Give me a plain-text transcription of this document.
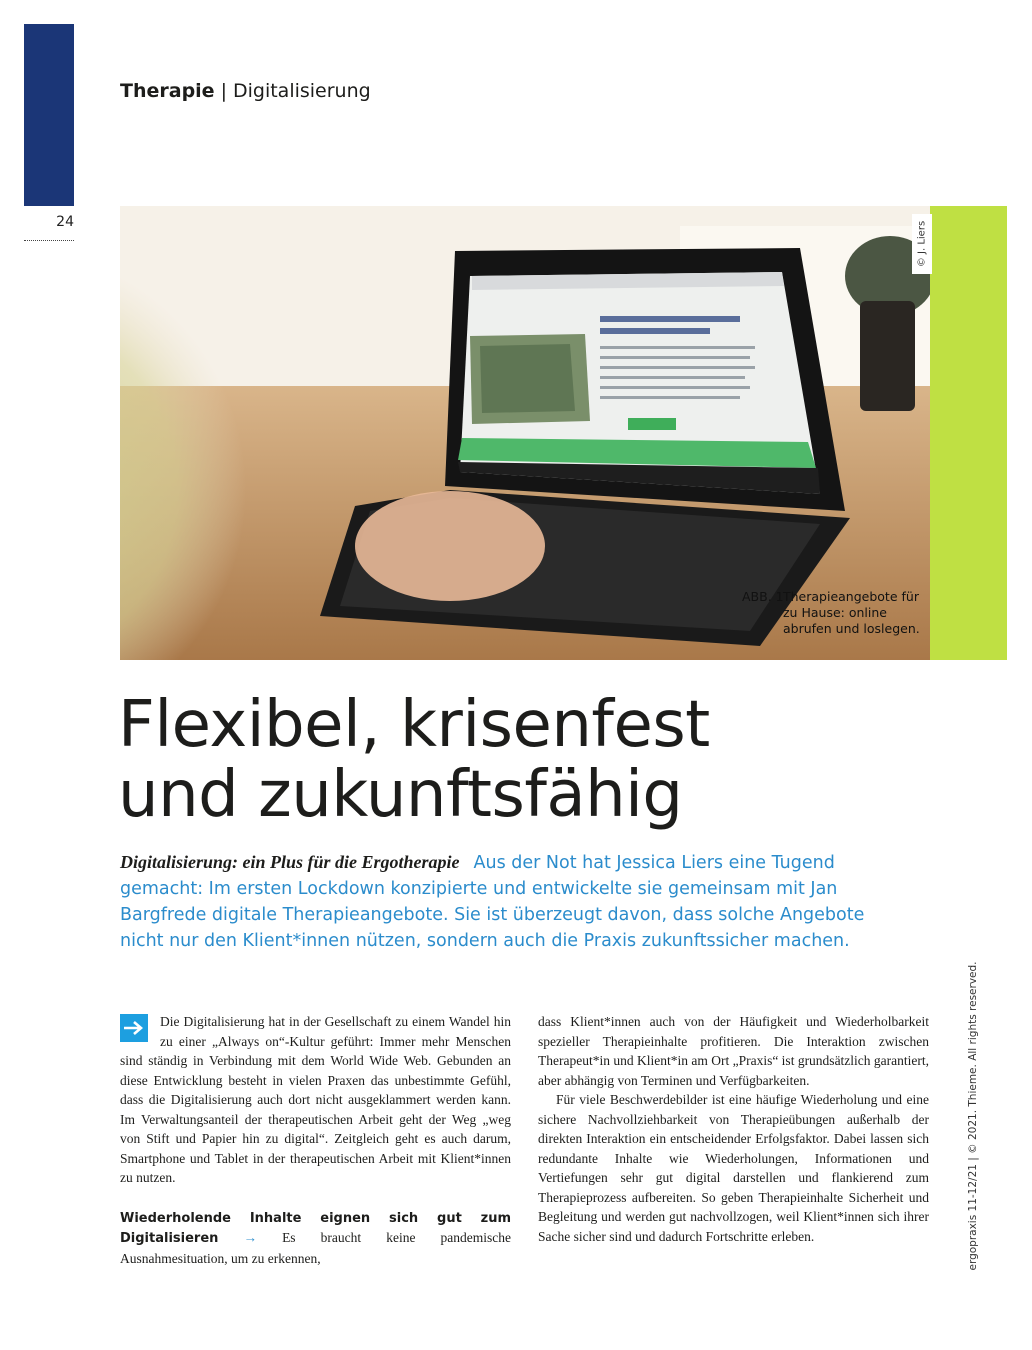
24
Therapie | Digitalisierung
© J. Liers
ABB. 1 Therapieangebote für zu Hause: online abrufen und loslegen.
Flexibel, krisenfest
und zukunftsfähig
Digitalisierung: ein Plus für die Ergotherapie Aus der Not hat Jessica Liers eine Tugend gemacht: Im ersten Lockdown konzipierte und entwickelte sie gemeinsam mit Jan Bargfrede digitale Therapieangebote. Sie ist überzeugt davon, dass solche Angebote nicht nur den Klient*innen nützen, sondern auch die Praxis zukunftssicher machen.

Die Digitalisierung hat in der Gesellschaft zu einem Wandel hin zu einer „Always on“-Kultur geführt: Immer mehr Menschen sind ständig in Verbindung mit dem World Wide Web. Gebunden an diese Entwicklung besteht in vielen Praxen das unbestimmte Gefühl, dass die Digitalisierung auch dort nicht ausgeklammert werden kann. Im Verwaltungsanteil der therapeutischen Arbeit geht der Weg „weg von Stift und Papier hin zu digital“. Zeitgleich geht es auch darum, Smartphone und Tablet in der therapeutischen Arbeit mit Klient*innen zu nutzen.

Wiederholende Inhalte eignen sich gut zum Digitalisieren → Es braucht keine pandemische Ausnahmesituation, um zu erkennen,

dass Klient*innen auch von der Häufigkeit und Wiederholbarkeit spezieller Therapieinhalte profitieren. Die Interaktion zwischen Therapeut*in und Klient*in am Ort „Praxis“ ist grundsätzlich garantiert, aber abhängig von Terminen und Verfügbarkeiten.

Für viele Beschwerdebilder ist eine häufige Wiederholung und eine sichere Nachvollziehbarkeit von Therapieübungen außerhalb der direkten Interaktion ein entscheidender Erfolgsfaktor. Dabei lassen sich redundante Inhalte wie Wiederholungen, Informationen und Vertiefungen sehr gut digital darstellen und flankierend zum Therapieprozess aufbereiten. So geben Therapieinhalte Sicherheit und Begleitung und werden gut nachvollzogen, weil Klient*innen sich ihrer Sache sicher sind und dadurch Fortschritte erleben.	ergopraxis 11-12/21 | © 2021. Thieme. All rights reserved.
